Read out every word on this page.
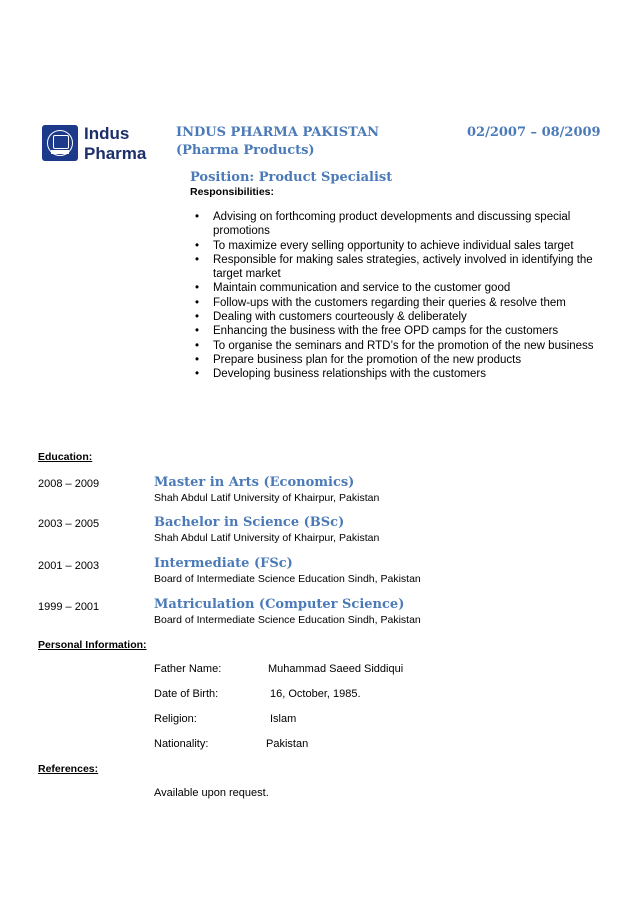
Indus
Pharma
INDUS PHARMA PAKISTAN
(Pharma Products)
02/2007 – 08/2009
Position: Product Specialist
Responsibilities:
• Advising on forthcoming product developments and discussing special promotions
• To maximize every selling opportunity to achieve individual sales target
• Responsible for making sales strategies, actively involved in identifying the target market
• Maintain communication and service to the customer good
• Follow-ups with the customers regarding their queries & resolve them
• Dealing with customers courteously & deliberately
• Enhancing the business with the free OPD camps for the customers
• To organise the seminars and RTD’s for the promotion of the new business
• Prepare business plan for the promotion of the new products
• Developing business relationships with the customers
Education:
2008 – 2009	Master in Arts (Economics)
Shah Abdul Latif University of Khairpur, Pakistan
2003 – 2005	Bachelor in Science (BSc)
Shah Abdul Latif University of Khairpur, Pakistan
2001 – 2003	Intermediate (FSc)
Board of Intermediate Science Education Sindh, Pakistan
1999 – 2001	Matriculation (Computer Science)
Board of Intermediate Science Education Sindh, Pakistan
Personal Information:
Father Name:	Muhammad Saeed Siddiqui
Date of Birth:	16, October, 1985.
Religion:	Islam
Nationality:	Pakistan
References:
Available upon request.
